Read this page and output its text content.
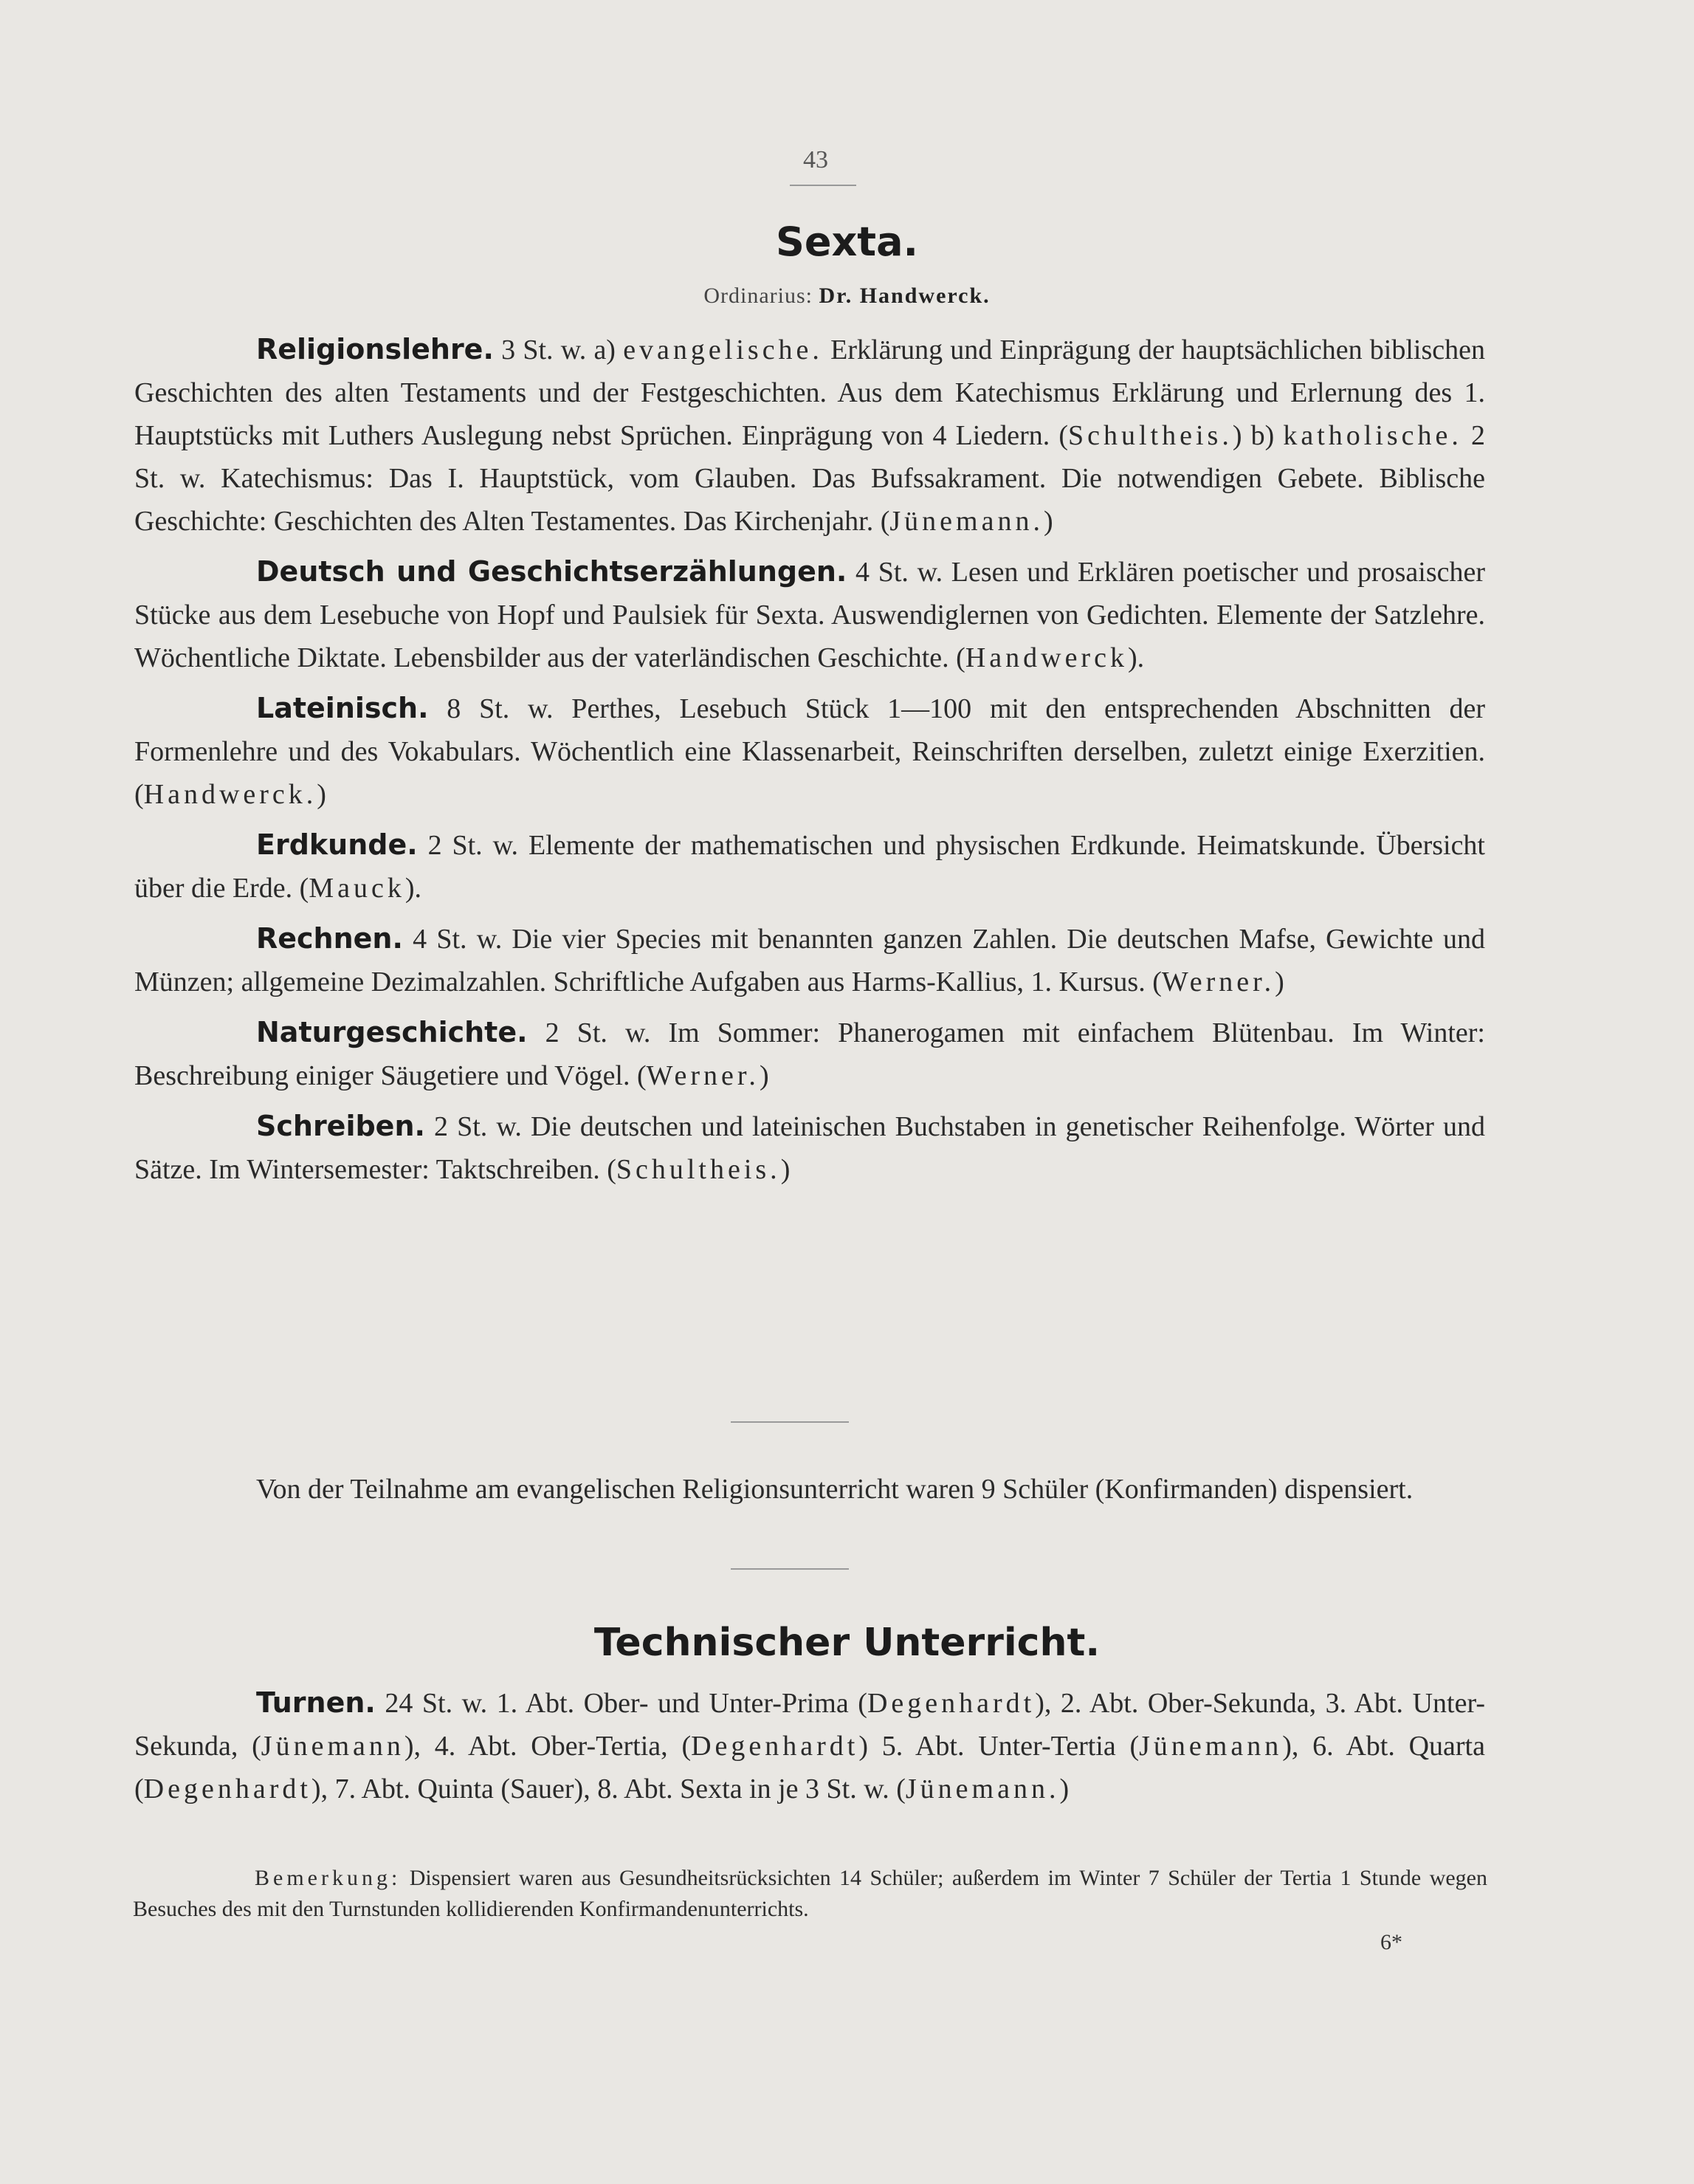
43
Sexta.
Ordinarius: Dr. Handwerck.

Religionslehre. 3 St. w. a) evangelische. Erklärung und Einprägung der hauptsächlichen biblischen Geschichten des alten Testaments und der Festgeschichten. Aus dem Katechismus Erklärung und Erlernung des 1. Hauptstücks mit Luthers Auslegung nebst Sprüchen. Einprägung von 4 Liedern. (Schultheis.) b) katholische. 2 St. w. Katechismus: Das I. Hauptstück, vom Glauben. Das Bufssakrament. Die notwendigen Gebete. Biblische Geschichte: Geschichten des Alten Testamentes. Das Kirchenjahr. (Jünemann.)

Deutsch und Geschichtserzählungen. 4 St. w. Lesen und Erklären poetischer und prosaischer Stücke aus dem Lesebuche von Hopf und Paulsiek für Sexta. Auswendiglernen von Gedichten. Elemente der Satzlehre. Wöchentliche Diktate. Lebensbilder aus der vaterländischen Geschichte. (Handwerck).

Lateinisch. 8 St. w. Perthes, Lesebuch Stück 1—100 mit den entsprechenden Abschnitten der Formenlehre und des Vokabulars. Wöchentlich eine Klassenarbeit, Reinschriften derselben, zuletzt einige Exerzitien. (Handwerck.)

Erdkunde. 2 St. w. Elemente der mathematischen und physischen Erdkunde. Heimatskunde. Übersicht über die Erde. (Mauck).

Rechnen. 4 St. w. Die vier Species mit benannten ganzen Zahlen. Die deutschen Mafse, Gewichte und Münzen; allgemeine Dezimalzahlen. Schriftliche Aufgaben aus Harms-Kallius, 1. Kursus. (Werner.)

Naturgeschichte. 2 St. w. Im Sommer: Phanerogamen mit einfachem Blütenbau. Im Winter: Beschreibung einiger Säugetiere und Vögel. (Werner.)

Schreiben. 2 St. w. Die deutschen und lateinischen Buchstaben in genetischer Reihenfolge. Wörter und Sätze. Im Wintersemester: Taktschreiben. (Schultheis.)

Von der Teilnahme am evangelischen Religionsunterricht waren 9 Schüler (Konfirmanden) dispensiert.

Technischer Unterricht.

Turnen. 24 St. w. 1. Abt. Ober- und Unter-Prima (Degenhardt), 2. Abt. Ober-Sekunda, 3. Abt. Unter-Sekunda, (Jünemann), 4. Abt. Ober-Tertia, (Degenhardt) 5. Abt. Unter-Tertia (Jünemann), 6. Abt. Quarta (Degenhardt), 7. Abt. Quinta (Sauer), 8. Abt. Sexta in je 3 St. w. (Jünemann.)

Bemerkung: Dispensiert waren aus Gesundheitsrücksichten 14 Schüler; außerdem im Winter 7 Schüler der Tertia 1 Stunde wegen Besuches des mit den Turnstunden kollidierenden Konfirmandenunterrichts.

6*
